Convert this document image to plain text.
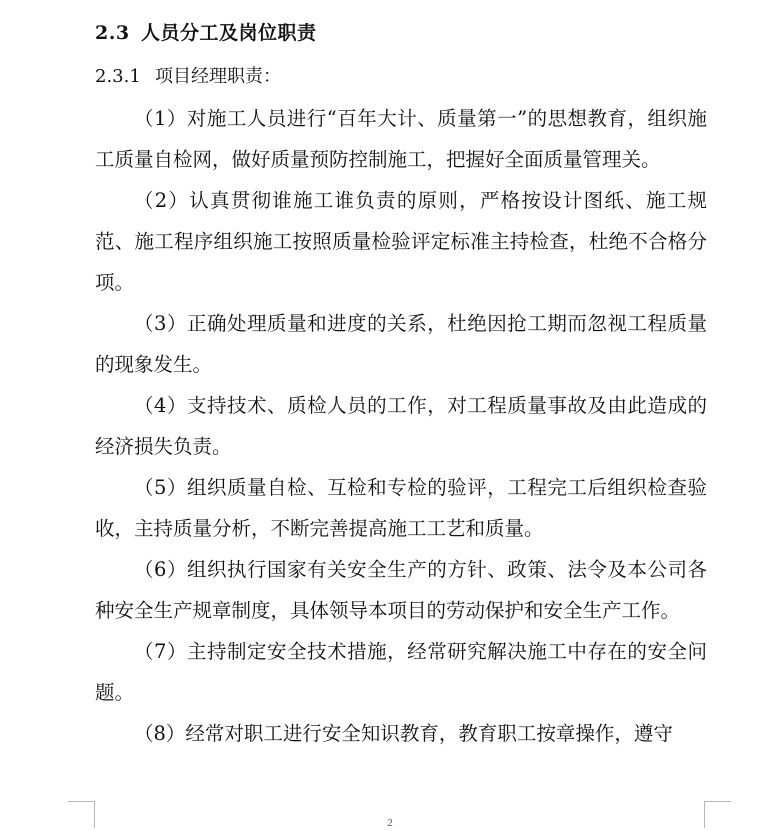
2.3 人员分工及岗位职责
2.3.1 项目经理职责：

（1）对施工人员进行“百年大计、质量第一”的思想教育，组织施工质量自检网，做好质量预防控制施工，把握好全面质量管理关。

（2）认真贯彻谁施工谁负责的原则，严格按设计图纸、施工规范、施工程序组织施工按照质量检验评定标准主持检查，杜绝不合格分项。

（3）正确处理质量和进度的关系，杜绝因抢工期而忽视工程质量的现象发生。

（4）支持技术、质检人员的工作，对工程质量事故及由此造成的经济损失负责。

（5）组织质量自检、互检和专检的验评，工程完工后组织检查验收，主持质量分析，不断完善提高施工工艺和质量。

（6）组织执行国家有关安全生产的方针、政策、法令及本公司各种安全生产规章制度，具体领导本项目的劳动保护和安全生产工作。

（7）主持制定安全技术措施，经常研究解决施工中存在的安全问题。

（8）经常对职工进行安全知识教育，教育职工按章操作，遵守

2
